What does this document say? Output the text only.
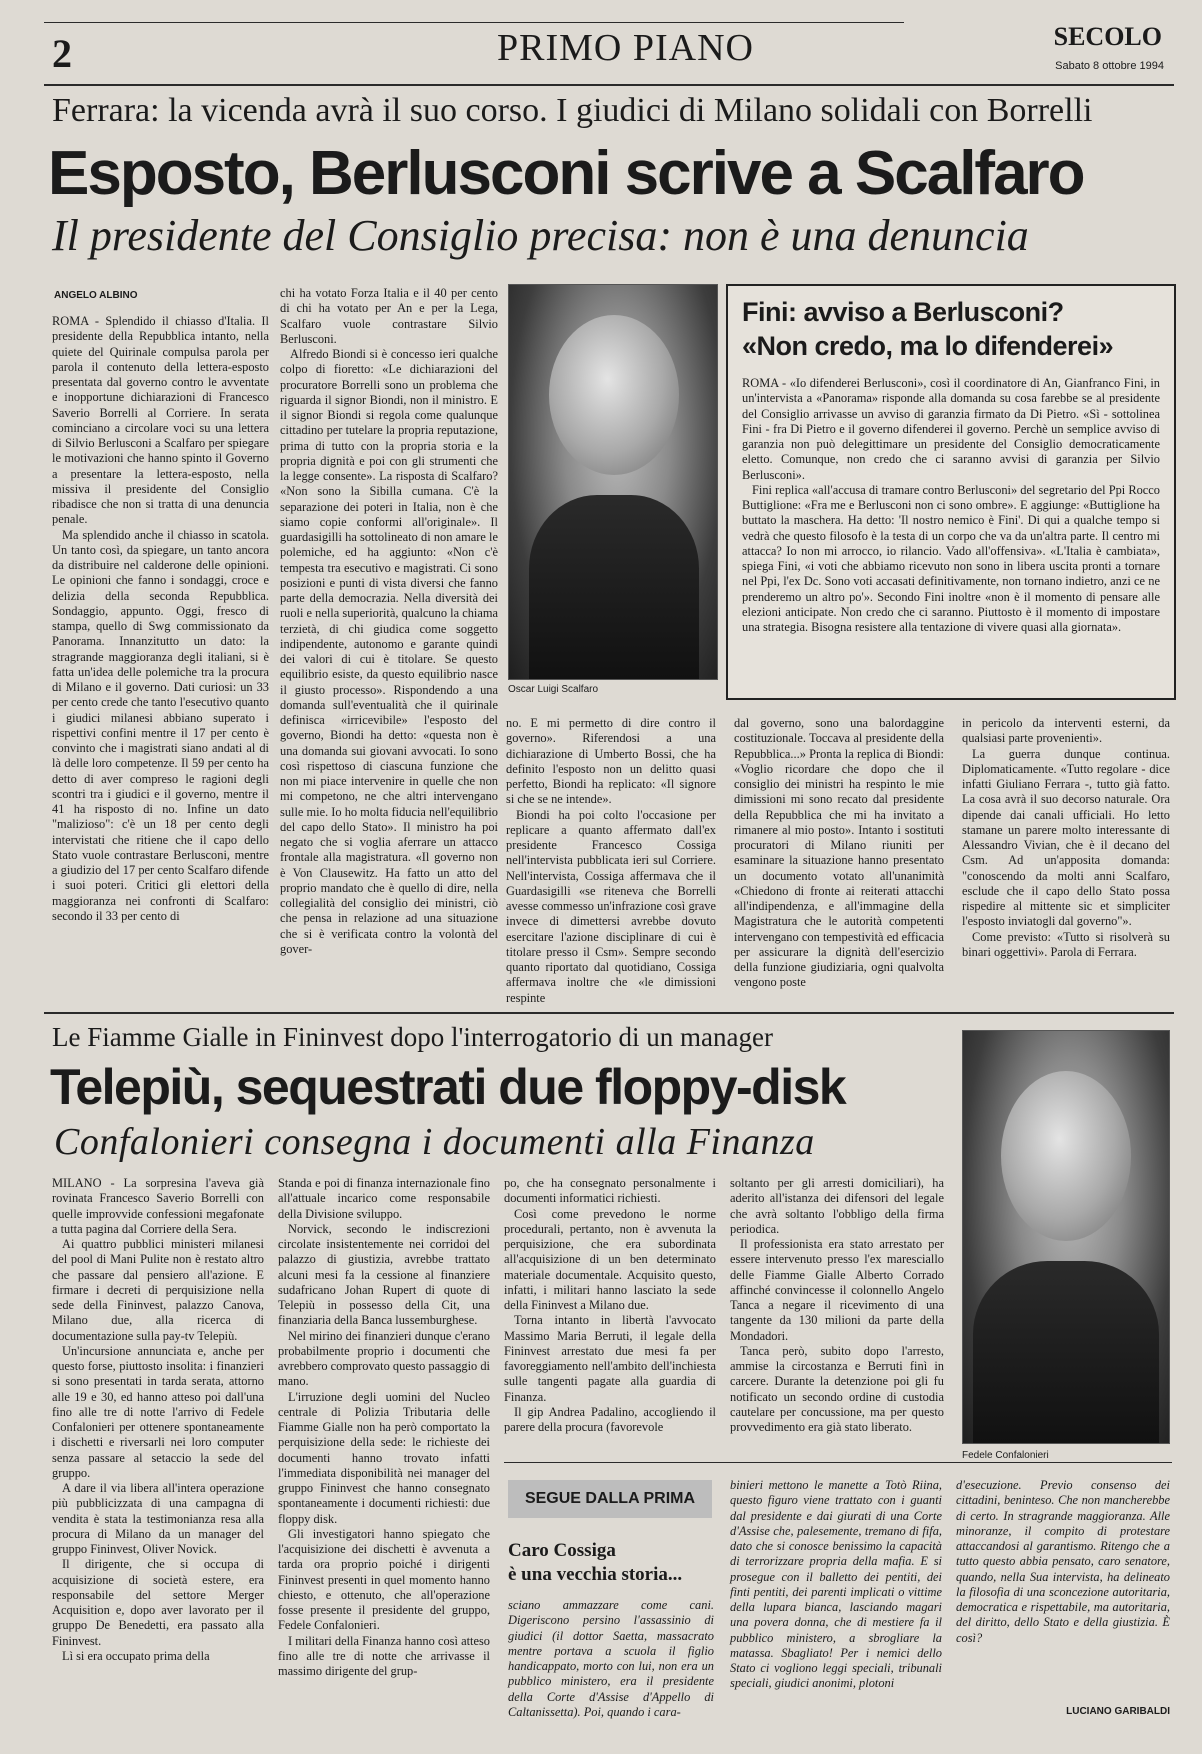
2	PRIMO PIANO	SECOLO
Sabato 8 ottobre 1994
Ferrara: la vicenda avrà il suo corso. I giudici di Milano solidali con Borrelli
Esposto, Berlusconi scrive a Scalfaro
Il presidente del Consiglio precisa: non è una denuncia
ANGELO ALBINO

ROMA - Splendido il chiasso d'Italia. Il presidente della Repubblica intanto, nella quiete del Quirinale compulsa parola per parola il contenuto della lettera-esposto presentata dal governo contro le avventate e inopportune dichiarazioni di Francesco Saverio Borrelli al Corriere. In serata cominciano a circolare voci su una lettera di Silvio Berlusconi a Scalfaro per spiegare le motivazioni che hanno spinto il Governo a presentare la lettera-esposto, nella missiva il presidente del Consiglio ribadisce che non si tratta di una denuncia penale.

Ma splendido anche il chiasso in scatola. Un tanto così, da spiegare, un tanto ancora da distribuire nel calderone delle opinioni. Le opinioni che fanno i sondaggi, croce e delizia della seconda Repubblica. Sondaggio, appunto. Oggi, fresco di stampa, quello di Swg commissionato da Panorama. Innanzitutto un dato: la stragrande maggioranza degli italiani, si è fatta un'idea delle polemiche tra la procura di Milano e il governo. Dati curiosi: un 33 per cento crede che tanto l'esecutivo quanto i giudici milanesi abbiano superato i rispettivi confini mentre il 17 per cento è convinto che i magistrati siano andati al di là delle loro competenze. Il 59 per cento ha detto di aver compreso le ragioni degli scontri tra i giudici e il governo, mentre il 41 ha risposto di no. Infine un dato "malizioso": c'è un 18 per cento degli intervistati che ritiene che il capo dello Stato vuole contrastare Berlusconi, mentre a giudizio del 17 per cento Scalfaro difende i suoi poteri. Critici gli elettori della maggioranza nei confronti di Scalfaro: secondo il 33 per cento di

chi ha votato Forza Italia e il 40 per cento di chi ha votato per An e per la Lega, Scalfaro vuole contrastare Silvio Berlusconi.

Alfredo Biondi si è concesso ieri qualche colpo di fioretto: «Le dichiarazioni del procuratore Borrelli sono un problema che riguarda il signor Biondi, non il ministro. E il signor Biondi si regola come qualunque cittadino per tutelare la propria reputazione, prima di tutto con la propria storia e la propria dignità e poi con gli strumenti che la legge consente». La risposta di Scalfaro? «Non sono la Sibilla cumana. C'è la separazione dei poteri in Italia, non è che siamo copie conformi all'originale». Il guardasigilli ha sottolineato di non amare le polemiche, ed ha aggiunto: «Non c'è tempesta tra esecutivo e magistrati. Ci sono posizioni e punti di vista diversi che fanno parte della democrazia. Nella diversità dei ruoli e nella superiorità, qualcuno la chiama terzietà, di chi giudica come soggetto indipendente, autonomo e garante quindi dei valori di cui è titolare. Se questo equilibrio esiste, da questo equilibrio nasce il giusto processo». Rispondendo a una domanda sull'eventualità che il quirinale definisca «irricevibile» l'esposto del governo, Biondi ha detto: «questa non è una domanda sui giovani avvocati. Io sono così rispettoso di ciascuna funzione che non mi piace intervenire in quelle che non mi competono, ne che altri intervengano sulle mie. Io ho molta fiducia nell'equilibrio del capo dello Stato». Il ministro ha poi negato che si voglia aferrare un attacco frontale alla magistratura. «Il governo non è Von Clausewitz. Ha fatto un atto del proprio mandato che è quello di dire, nella collegialità del consiglio dei ministri, ciò che pensa in relazione ad una situazione che si è verificata contro la volontà del gover-

Oscar Luigi Scalfaro
Fini: avviso a Berlusconi?
«Non credo, ma lo difenderei»

ROMA - «Io difenderei Berlusconi», così il coordinatore di An, Gianfranco Fini, in un'intervista a «Panorama» risponde alla domanda su cosa farebbe se al presidente del Consiglio arrivasse un avviso di garanzia firmato da Di Pietro. «Sì - sottolinea Fini - fra Di Pietro e il governo difenderei il governo. Perchè un semplice avviso di garanzia non può delegittimare un presidente del Consiglio democraticamente eletto. Comunque, non credo che ci saranno avvisi di garanzia per Silvio Berlusconi».

Fini replica «all'accusa di tramare contro Berlusconi» del segretario del Ppi Rocco Buttiglione: «Fra me e Berlusconi non ci sono ombre». E aggiunge: «Buttiglione ha buttato la maschera. Ha detto: 'Il nostro nemico è Fini'. Di qui a qualche tempo si vedrà che questo filosofo è la testa di un corpo che va da un'altra parte. Il centro mi attacca? Io non mi arrocco, io rilancio. Vado all'offensiva». «L'Italia è cambiata», spiega Fini, «i voti che abbiamo ricevuto non sono in libera uscita pronti a tornare nel Ppi, l'ex Dc. Sono voti accasati definitivamente, non tornano indietro, anzi ce ne prenderemo un altro po'». Secondo Fini inoltre «non è il momento di pensare alle elezioni anticipate. Non credo che ci saranno. Piuttosto è il momento di impostare una strategia. Bisogna resistere alla tentazione di vivere quasi alla giornata».

no. E mi permetto di dire contro il governo». Riferendosi a una dichiarazione di Umberto Bossi, che ha definito l'esposto non un delitto quasi perfetto, Biondi ha replicato: «Il signore si che se ne intende».

Biondi ha poi colto l'occasione per replicare a quanto affermato dall'ex presidente Francesco Cossiga nell'intervista pubblicata ieri sul Corriere. Nell'intervista, Cossiga affermava che il Guardasigilli «se riteneva che Borrelli avesse commesso un'infrazione così grave invece di dimettersi avrebbe dovuto esercitare l'azione disciplinare di cui è titolare presso il Csm». Sempre secondo quanto riportato dal quotidiano, Cossiga affermava inoltre che «le dimissioni respinte

dal governo, sono una balordaggine costituzionale. Toccava al presidente della Repubblica...» Pronta la replica di Biondi: «Voglio ricordare che dopo che il consiglio dei ministri ha respinto le mie dimissioni mi sono recato dal presidente della Repubblica che mi ha invitato a rimanere al mio posto». Intanto i sostituti procuratori di Milano riuniti per esaminare la situazione hanno presentato un documento votato all'unanimità «Chiedono di fronte ai reiterati attacchi all'indipendenza, e all'immagine della Magistratura che le autorità competenti intervengano con tempestività ed efficacia per assicurare la dignità dell'esercizio della funzione giudiziaria, ogni qualvolta vengono poste

in pericolo da interventi esterni, da qualsiasi parte provenienti».

La guerra dunque continua. Diplomaticamente. «Tutto regolare - dice infatti Giuliano Ferrara -, tutto già fatto. La cosa avrà il suo decorso naturale. Ora dipende dai canali ufficiali. Ho letto stamane un parere molto interessante di Alessandro Vivian, che è il decano del Csm. Ad un'apposita domanda: "conoscendo da molti anni Scalfaro, esclude che il capo dello Stato possa rispedire al mittente sic et simpliciter l'esposto inviatogli dal governo"».

Come previsto: «Tutto si risolverà su binari oggettivi». Parola di Ferrara.

Le Fiamme Gialle in Fininvest dopo l'interrogatorio di un manager
Telepiù, sequestrati due floppy-disk
Confalonieri consegna i documenti alla Finanza
Fedele Confalonieri

MILANO - La sorpresina l'aveva già rovinata Francesco Saverio Borrelli con quelle improvvide confessioni megafonate a tutta pagina dal Corriere della Sera.

Ai quattro pubblici ministeri milanesi del pool di Mani Pulite non è restato altro che passare dal pensiero all'azione. E firmare i decreti di perquisizione nella sede della Fininvest, palazzo Canova, Milano due, alla ricerca di documentazione sulla pay-tv Telepiù.

Un'incursione annunciata e, anche per questo forse, piuttosto insolita: i finanzieri si sono presentati in tarda serata, attorno alle 19 e 30, ed hanno atteso poi dall'una fino alle tre di notte l'arrivo di Fedele Confalonieri per ottenere spontaneamente i dischetti e riversarli nei loro computer senza passare al setaccio la sede del gruppo.

A dare il via libera all'intera operazione più pubblicizzata di una campagna di vendita è stata la testimonianza resa alla procura di Milano da un manager del gruppo Fininvest, Oliver Novick.

Il dirigente, che si occupa di acquisizione di società estere, era responsabile del settore Merger Acquisition e, dopo aver lavorato per il gruppo De Benedetti, era passato alla Fininvest.

Lì si era occupato prima della

Standa e poi di finanza internazionale fino all'attuale incarico come responsabile della Divisione sviluppo.

Norvick, secondo le indiscrezioni circolate insistentemente nei corridoi del palazzo di giustizia, avrebbe trattato alcuni mesi fa la cessione al finanziere sudafricano Johan Rupert di quote di Telepiù in possesso della Cit, una finanziaria della Banca lussemburghese.

Nel mirino dei finanzieri dunque c'erano probabilmente proprio i documenti che avrebbero comprovato questo passaggio di mano.

L'irruzione degli uomini del Nucleo centrale di Polizia Tributaria delle Fiamme Gialle non ha però comportato la perquisizione della sede: le richieste dei documenti hanno trovato infatti l'immediata disponibilità nei manager del gruppo Fininvest che hanno consegnato spontaneamente i documenti richiesti: due floppy disk.

Gli investigatori hanno spiegato che l'acquisizione dei dischetti è avvenuta a tarda ora proprio poiché i dirigenti Fininvest presenti in quel momento hanno chiesto, e ottenuto, che all'operazione fosse presente il presidente del gruppo, Fedele Confalonieri.

I militari della Finanza hanno così atteso fino alle tre di notte che arrivasse il massimo dirigente del grup-

po, che ha consegnato personalmente i documenti informatici richiesti.

Così come prevedono le norme procedurali, pertanto, non è avvenuta la perquisizione, che era subordinata all'acquisizione di un ben determinato materiale documentale. Acquisito questo, infatti, i militari hanno lasciato la sede della Fininvest a Milano due.

Torna intanto in libertà l'avvocato Massimo Maria Berruti, il legale della Fininvest arrestato due mesi fa per favoreggiamento nell'ambito dell'inchiesta sulle tangenti pagate alla guardia di Finanza.

Il gip Andrea Padalino, accogliendo il parere della procura (favorevole

soltanto per gli arresti domiciliari), ha aderito all'istanza dei difensori del legale che avrà soltanto l'obbligo della firma periodica.

Il professionista era stato arrestato per essere intervenuto presso l'ex maresciallo delle Fiamme Gialle Alberto Corrado affinché convincesse il colonnello Angelo Tanca a negare il ricevimento di una tangente da 130 milioni da parte della Mondadori.

Tanca però, subito dopo l'arresto, ammise la circostanza e Berruti finì in carcere. Durante la detenzione poi gli fu notificato un secondo ordine di custodia cautelare per concussione, ma per questo provvedimento era già stato liberato.

SEGUE DALLA PRIMA
Caro Cossiga
è una vecchia storia...

sciano ammazzare come cani. Digerisconо persino l'assassinio di giudici (il dottor Saetta, massacrato mentre portava a scuola il figlio handicappato, morto con lui, non era un pubblico ministero, era il presidente della Corte d'Assise d'Appello di Caltanissetta). Poi, quando i cara-

binieri mettono le manette a Totò Riina, questo figuro viene trattato con i guanti dal presidente e dai giurati di una Corte d'Assise che, palesemente, tremano di fifa, dato che si conosce benissimo la capacità di terrorizzare propria della mafia. E si prosegue con il balletto dei pentiti, dei finti pentiti, dei parenti implicati o vittime della lupara bianca, lasciando magari una povera donna, che di mestiere fa il pubblico ministero, a sbrogliare la matassa. Sbagliato! Per i nemici dello Stato ci vogliono leggi speciali, tribunali speciali, giudici anonimi, plotoni

d'esecuzione. Previo consenso dei cittadini, beninteso. Che non mancherebbe di certo. In stragrande maggioranza. Alle minoranze, il compito di protestare attaccandosi al garantismo. Ritengo che a tutto questo abbia pensato, caro senatore, quando, nella Sua intervista, ha delineato la filosofia di una sconcezione autoritaria, democratica e rispettabile, ma autoritaria, del diritto, dello Stato e della giustizia. È così?

LUCIANO GARIBALDI
